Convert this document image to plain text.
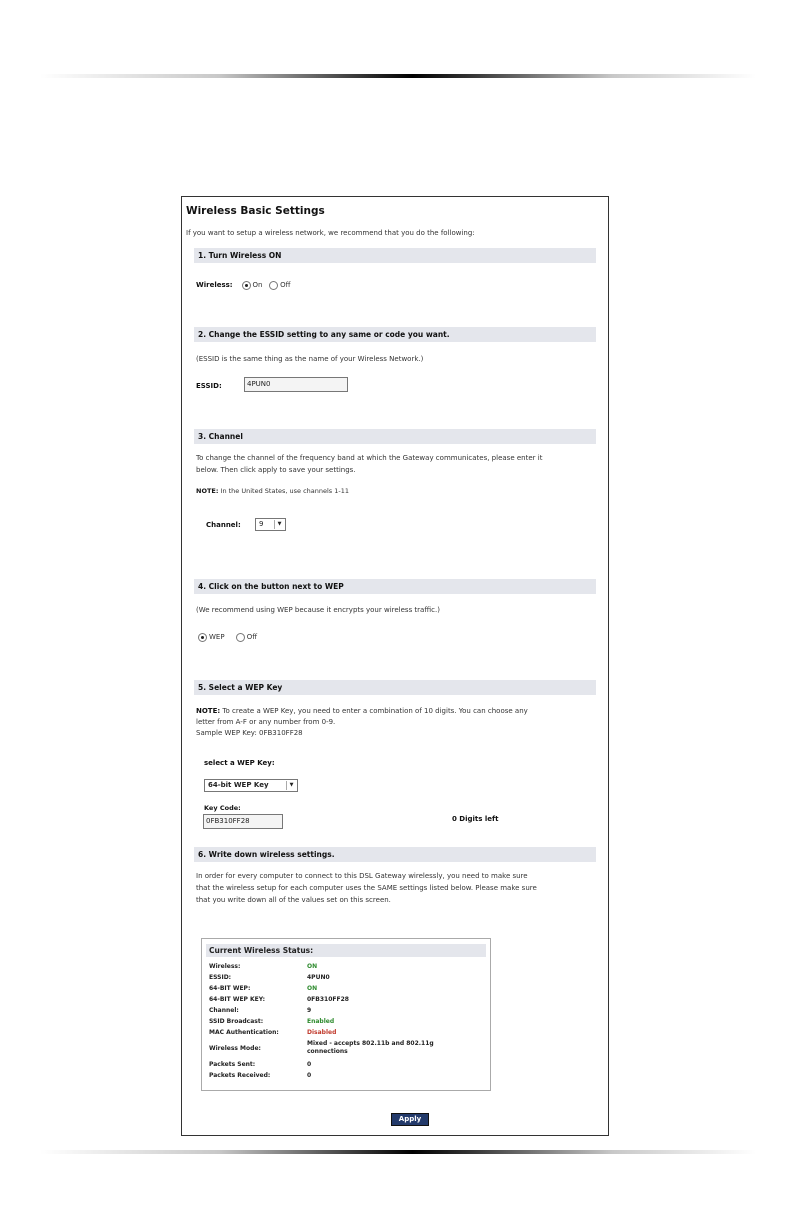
Wireless Basic Settings
If you want to setup a wireless network, we recommend that you do the following:
1. Turn Wireless ON
Wireless:	On	Off
2. Change the ESSID setting to any same or code you want.
(ESSID is the same thing as the name of your Wireless Network.)
ESSID:	4PUN0
3. Channel
To change the channel of the frequency band at which the Gateway communicates, please enter it
below. Then click apply to save your settings.
NOTE: In the United States, use channels 1-11
Channel:	9	▼
4. Click on the button next to WEP
(We recommend using WEP because it encrypts your wireless traffic.)
WEP	Off
5. Select a WEP Key
NOTE: To create a WEP Key, you need to enter a combination of 10 digits. You can choose any
letter from A-F or any number from 0-9.
Sample WEP Key: 0FB310FF28
select a WEP Key:
64-bit WEP Key	▼
Key Code:
0FB310FF28	0 Digits left
6. Write down wireless settings.
In order for every computer to connect to this DSL Gateway wirelessly, you need to make sure
that the wireless setup for each computer uses the SAME settings listed below. Please make sure
that you write down all of the values set on this screen.
Current Wireless Status:
Wireless:	ON
ESSID:	4PUN0
64-BIT WEP:	ON
64-BIT WEP KEY:	0FB310FF28
Channel:	9
SSID Broadcast:	Enabled
MAC Authentication:	Disabled
Wireless Mode:
Mixed - accepts 802.11b and 802.11g connections
Packets Sent:	0
Packets Received:	0
Apply
